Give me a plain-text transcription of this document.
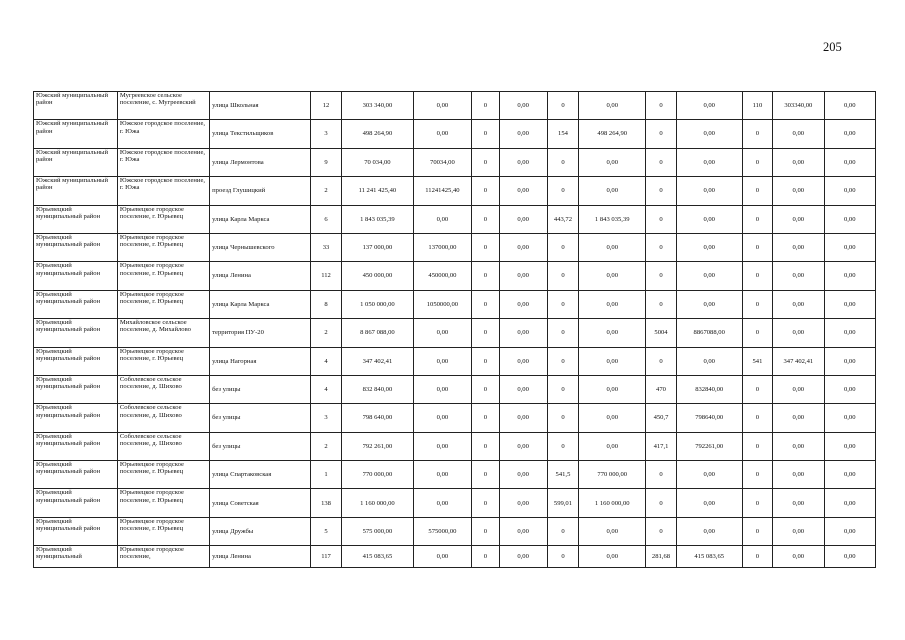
205
Южский муниципальный район	Мугреевское сельское поселение, с. Мугреевский	улица Школьная	12	303 340,00	0,00	0	0,00	0	0,00	0	0,00	110	303340,00	0,00
Южский муниципальный район	Южское городское поселение, г. Южа	улица Текстильщиков	3	498 264,90	0,00	0	0,00	154	498 264,90	0	0,00	0	0,00	0,00
Южский муниципальный район	Южское городское поселение, г. Южа	улица Лермонтова	9	70 034,00	70034,00	0	0,00	0	0,00	0	0,00	0	0,00	0,00
Южский муниципальный район	Южское городское поселение, г. Южа	проезд Глушицкий	2	11 241 425,40	11241425,40	0	0,00	0	0,00	0	0,00	0	0,00	0,00
Юрьевецкий муниципальный район	Юрьевецкое городское поселение, г. Юрьевец	улица Карла Маркса	6	1 843 035,39	0,00	0	0,00	443,72	1 843 035,39	0	0,00	0	0,00	0,00
Юрьевецкий муниципальный район	Юрьевецкое городское поселение, г. Юрьевец	улица Чернышевского	33	137 000,00	137000,00	0	0,00	0	0,00	0	0,00	0	0,00	0,00
Юрьевецкий муниципальный район	Юрьевецкое городское поселение, г. Юрьевец	улица Ленина	112	450 000,00	450000,00	0	0,00	0	0,00	0	0,00	0	0,00	0,00
Юрьевецкий муниципальный район	Юрьевецкое городское поселение, г. Юрьевец	улица Карла Маркса	8	1 050 000,00	1050000,00	0	0,00	0	0,00	0	0,00	0	0,00	0,00
Юрьевецкий муниципальный район	Михайловское сельское поселение, д. Михайлово	территория ПУ-20	2	8 867 088,00	0,00	0	0,00	0	0,00	5004	8867088,00	0	0,00	0,00
Юрьевецкий муниципальный район	Юрьевецкое городское поселение, г. Юрьевец	улица Нагорная	4	347 402,41	0,00	0	0,00	0	0,00	0	0,00	541	347 402,41	0,00
Юрьевецкий муниципальный район	Соболевское сельское поселение, д. Шихово	без улицы	4	832 840,00	0,00	0	0,00	0	0,00	470	832840,00	0	0,00	0,00
Юрьевецкий муниципальный район	Соболевское сельское поселение, д. Шихово	без улицы	3	798 640,00	0,00	0	0,00	0	0,00	450,7	798640,00	0	0,00	0,00
Юрьевецкий муниципальный район	Соболевское сельское поселение, д. Шихово	без улицы	2	792 261,00	0,00	0	0,00	0	0,00	417,1	792261,00	0	0,00	0,00
Юрьевецкий муниципальный район	Юрьевецкое городское поселение, г. Юрьевец	улица Спартаковская	1	770 000,00	0,00	0	0,00	541,5	770 000,00	0	0,00	0	0,00	0,00
Юрьевецкий муниципальный район	Юрьевецкое городское поселение, г. Юрьевец	улица Советская	138	1 160 000,00	0,00	0	0,00	599,01	1 160 000,00	0	0,00	0	0,00	0,00
Юрьевецкий муниципальный район	Юрьевецкое городское поселение, г. Юрьевец	улица Дружбы	5	575 000,00	575000,00	0	0,00	0	0,00	0	0,00	0	0,00	0,00
Юрьевецкий муниципальный	Юрьевецкое городское поселение,	улица Ленина	117	415 083,65	0,00	0	0,00	0	0,00	281,68	415 083,65	0	0,00	0,00
